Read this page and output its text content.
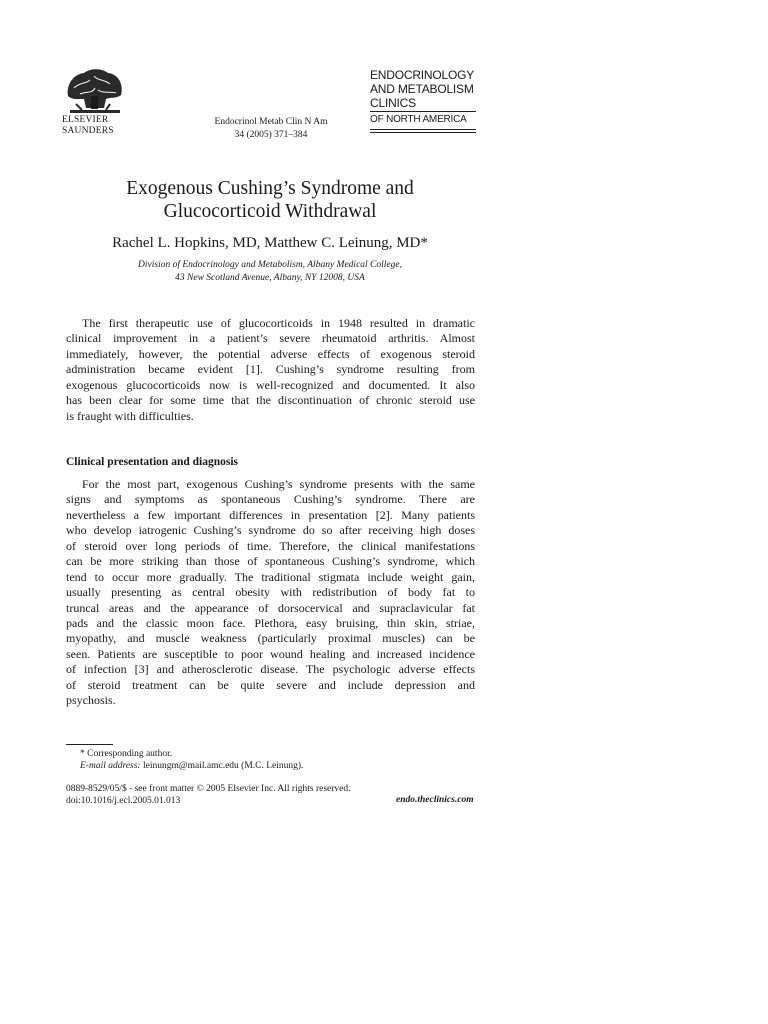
ELSEVIER
SAUNDERS
Endocrinol Metab Clin N Am
34 (2005) 371–384
ENDOCRINOLOGY
AND METABOLISM
CLINICS
OF NORTH AMERICA
Exogenous Cushing’s Syndrome and
Glucocorticoid Withdrawal
Rachel L. Hopkins, MD, Matthew C. Leinung, MD*
Division of Endocrinology and Metabolism, Albany Medical College,
43 New Scotland Avenue, Albany, NY 12008, USA
The first therapeutic use of glucocorticoids in 1948 resulted in dramatic
clinical improvement in a patient’s severe rheumatoid arthritis. Almost
immediately, however, the potential adverse effects of exogenous steroid
administration became evident [1]. Cushing’s syndrome resulting from
exogenous glucocorticoids now is well-recognized and documented. It also
has been clear for some time that the discontinuation of chronic steroid use
is fraught with difficulties.
Clinical presentation and diagnosis
For the most part, exogenous Cushing’s syndrome presents with the same
signs and symptoms as spontaneous Cushing’s syndrome. There are
nevertheless a few important differences in presentation [2]. Many patients
who develop iatrogenic Cushing’s syndrome do so after receiving high doses
of steroid over long periods of time. Therefore, the clinical manifestations
can be more striking than those of spontaneous Cushing’s syndrome, which
tend to occur more gradually. The traditional stigmata include weight gain,
usually presenting as central obesity with redistribution of body fat to
truncal areas and the appearance of dorsocervical and supraclavicular fat
pads and the classic moon face. Plethora, easy bruising, thin skin, striae,
myopathy, and muscle weakness (particularly proximal muscles) can be
seen. Patients are susceptible to poor wound healing and increased incidence
of infection [3] and atherosclerotic disease. The psychologic adverse effects
of steroid treatment can be quite severe and include depression and
psychosis.
* Corresponding author.
E-mail address: leinungm@mail.amc.edu (M.C. Leinung).
0889-8529/05/$ - see front matter © 2005 Elsevier Inc. All rights reserved.
doi:10.1016/j.ecl.2005.01.013	endo.theclinics.com
